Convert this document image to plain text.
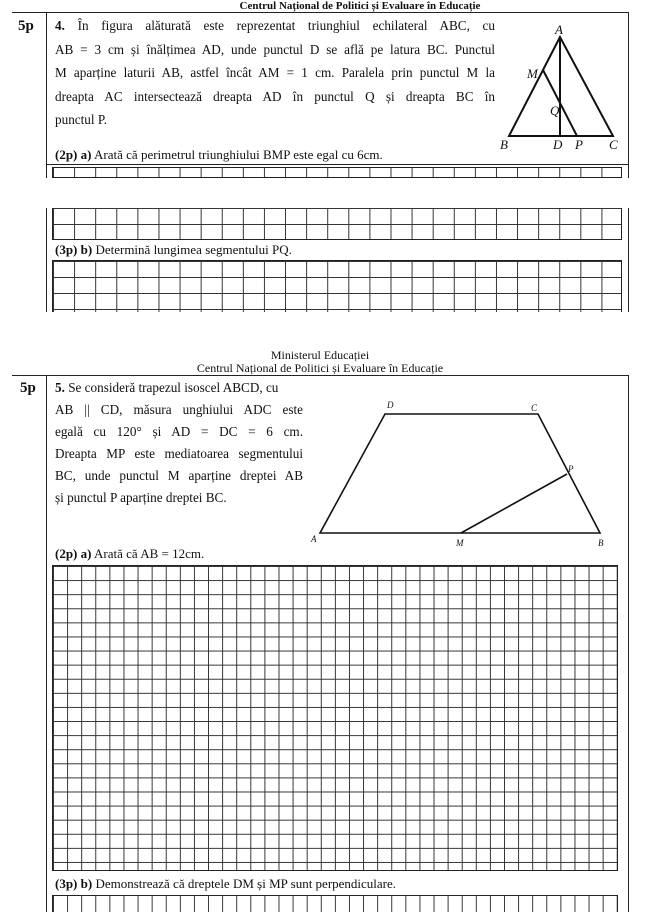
Centrul Național de Politici și Evaluare în Educație
5p 4. În figura alăturată este reprezentat triunghiul echilateral ABC, cu
AB = 3 cm și înălțimea AD, unde punctul D se află pe latura BC. Punctul
M aparține laturii AB, astfel încât AM = 1 cm. Paralela prin punctul M la
dreapta AC intersectează dreapta AD în punctul Q și dreapta BC în
punctul P.
A
M
Q
B	D P C
(2p) a) Arată că perimetrul triunghiului BMP este egal cu 6cm.
(3p) b) Determină lungimea segmentului PQ.
Ministerul Educației
Centrul Național de Politici și Evaluare în Educație
5p 5. Se consideră trapezul isoscel ABCD, cu
AB || CD, măsura unghiului ADC este
egală cu 120° și AD = DC = 6 cm.
Dreapta MP este mediatoarea segmentului
BC, unde punctul M aparține dreptei AB
și punctul P aparține dreptei BC.
D	C
P
A	M	B
(2p) a) Arată că AB = 12cm.
(3p) b) Demonstrează că dreptele DM și MP sunt perpendiculare.
